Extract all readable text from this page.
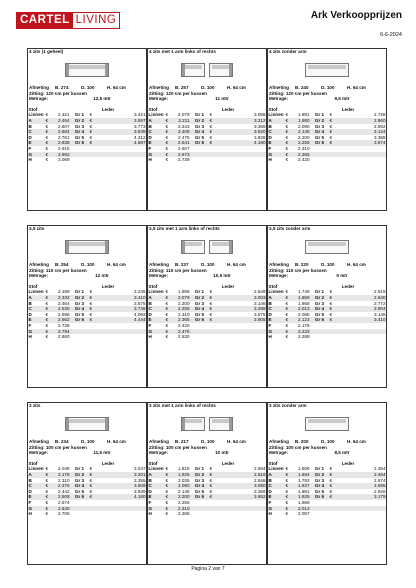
CARTEL LIVING	Ark Verkoopprijzen
6-6-2024
4 zits (1 geheel)
Afmeting	B. 274	D. 100	H. 64 cm
Zitting:
120 cm per kussen
Metrage:	12,5 mtr
Stof			Leder		
Linnen	€	2.321	Gr 1	€	3.421
A	€	2.464	Gr 2	€	3.597
B	€	2.607	Gr 3	€	3.773
C	€	2.684	Gr 4	€	3.949
D	€	2.761	Gr 5	€	4.312
E	€	2.838	Gr 6	€	4.697
F	€	2.915			
G	€	2.992			
H	€	3.069			
4 zits met 1 arm links of rechts
Afmeting	B. 257	D. 100	H. 64 cm
Zitting:
120 cm per kussen
Metrage:	11 mtr
Stof			Leder		
Linnen	€	2.079	Gr 1	€	3.058
A	€	2.211	Gr 2	€	3.212
B	€	2.343	Gr 3	€	3.366
C	€	2.409	Gr 4	€	3.520
D	€	2.475	Gr 5	€	3.828
E	€	2.541	Gr 6	€	4.180
F	€	2.607			
G	€	2.673			
H	€	2.739			
4 zits zonder arm
Afmeting	B. 240	D. 100	H. 64 cm
Zitting:
120 cm per kussen
Metrage:	9,5 mtr
Stof			Leder		
Linnen	€	1.881	Gr 1	€	2.728
A	€	1.980	Gr 2	€	2.860
B	€	2.090	Gr 3	€	2.992
C	€	2.145	Gr 4	€	3.124
D	€	2.200	Gr 5	€	3.388
E	€	2.255	Gr 6	€	3.674
F	€	2.310			
G	€	2.365			
H	€	2.420			
3,5 zits
Afmeting	B. 254	D. 100	H. 64 cm
Zitting:
110 cm per kussen
Metrage:	12 mtr
Stof			Leder		
Linnen	€	2.189	Gr 1	€	3.245
A	€	2.332	Gr 2	€	3.410
B	€	2.464	Gr 3	€	3.575
C	€	2.530	Gr 4	€	3.746
D	€	2.596	Gr 5	€	4.092
E	€	2.662	Gr 6	€	4.444
F	€	2.728			
G	€	2.794			
H	€	2.860			
3,5 zits met 1 arm links of rechts
Afmeting	B. 237	D. 100	H. 64 cm
Zitting:
110 cm per kussen
Metrage:	10,5 mtr
Stof			Leder		
Linnen	€	1.958	Gr 1	€	2.849
A	€	2.079	Gr 2	€	3.003
B	€	2.200	Gr 3	€	3.146
C	€	2.255	Gr 4	€	3.289
D	€	2.310	Gr 5	€	3.575
E	€	2.365	Gr 6	€	3.905
F	€	2.420			
G	€	2.475			
H	€	2.530			
3,5 zits zonder arm
Afmeting	B. 220	D. 100	H. 64 cm
Zitting:
110 cm per kussen
Metrage:	9 mtr
Stof			Leder		
Linnen	€	1.749	Gr 1	€	2.519
A	€	1.859	Gr 2	€	2.640
B	€	1.958	Gr 3	€	2.772
C	€	2.013	Gr 4	€	2.904
D	€	2.068	Gr 5	€	3.146
E	€	2.123	Gr 6	€	3.410
F	€	2.178			
G	€	2.233			
H	€	2.288			
3 zits
Afmeting	B. 234	D. 100	H. 64 cm
Zitting:
100 cm per kussen
Metrage:	11,5 mtr
Stof			Leder		
Linnen	€	2.046	Gr 1	€	3.047
A	€	2.178	Gr 2	€	3.201
B	€	2.310	Gr 3	€	3.355
C	€	2.376	Gr 4	€	3.509
D	€	2.442	Gr 5	€	3.839
E	€	2.508	Gr 6	€	4.180
F	€	2.574			
G	€	2.640			
H	€	2.706			
3 zits met 1 arm links of rechts
Afmeting	B. 217	D. 100	H. 64 cm
Zitting:
100 cm per kussen
Metrage:	10 mtr
Stof			Leder		
Linnen	€	1.815	Gr 1	€	2.684
A	€	1.925	Gr 2	€	2.816
B	€	2.035	Gr 3	€	2.948
C	€	2.090	Gr 4	€	3.080
D	€	2.145	Gr 5	€	3.366
E	€	2.200	Gr 6	€	3.652
F	€	2.255			
G	€	2.310			
H	€	2.365			
3 zits zonder arm
Afmeting	B. 200	D. 100	H. 64 cm
Zitting:
100 cm per kussen
Metrage:	8,5 mtr
Stof			Leder		
Linnen	€	1.606	Gr 1	€	2.354
A	€	1.694	Gr 2	€	2.464
B	€	1.793	Gr 3	€	2.574
C	€	1.837	Gr 4	€	2.695
D	€	1.881	Gr 5	€	2.926
E	€	1.925	Gr 6	€	3.179
F	€	1.969			
G	€	2.013			
H	€	2.057			
Pagina 2 van 7
